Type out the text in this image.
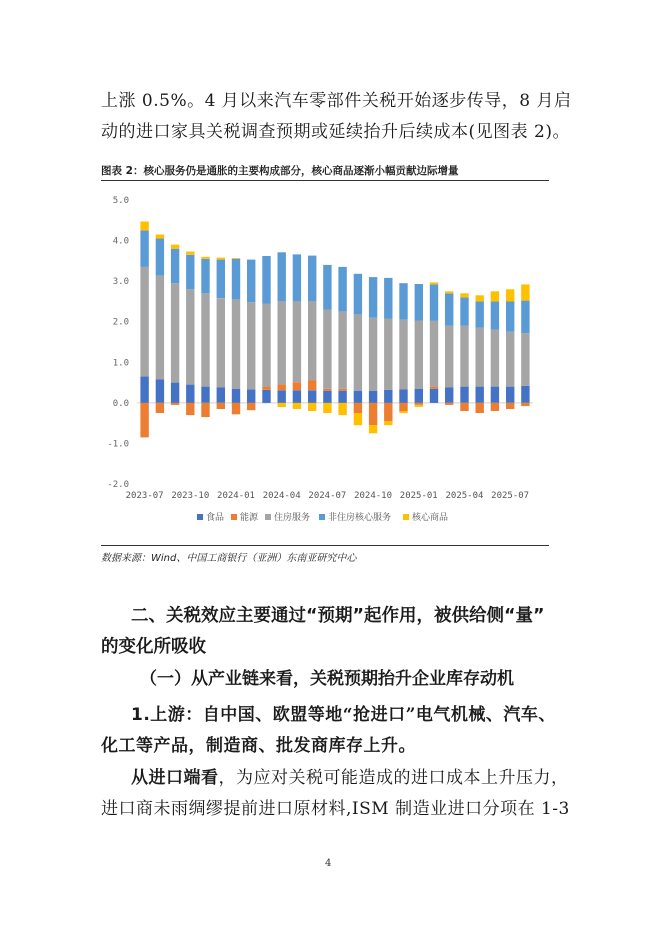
上涨 0.5%。4 月以来汽车零部件关税开始逐步传导，8 月启

动的进口家具关税调查预期或延续抬升后续成本(见图表 2)。

图表 2：核心服务仍是通胀的主要构成部分，核心商品逐渐小幅贡献边际增量
5.0
4.0
3.0
2.0
1.0
0.0
-1.0
-2.0
2023-07 2023-10 2024-01 2024-04 2024-07 2024-10 2025-01 2025-04 2025-07
食品 能源 住房服务 非住房核心服务 核心商品
数据来源：Wind、中国工商银行（亚洲）东南亚研究中心
二、关税效应主要通过“预期”起作用，被供给侧“量”
的变化所吸收
（一）从产业链来看，关税预期抬升企业库存动机

1.上游：自中国、欧盟等地“抢进口”电气机械、汽车、

化工等产品，制造商、批发商库存上升。

从进口端看，为应对关税可能造成的进口成本上升压力，

进口商未雨绸缪提前进口原材料,ISM 制造业进口分项在 1-3

4
